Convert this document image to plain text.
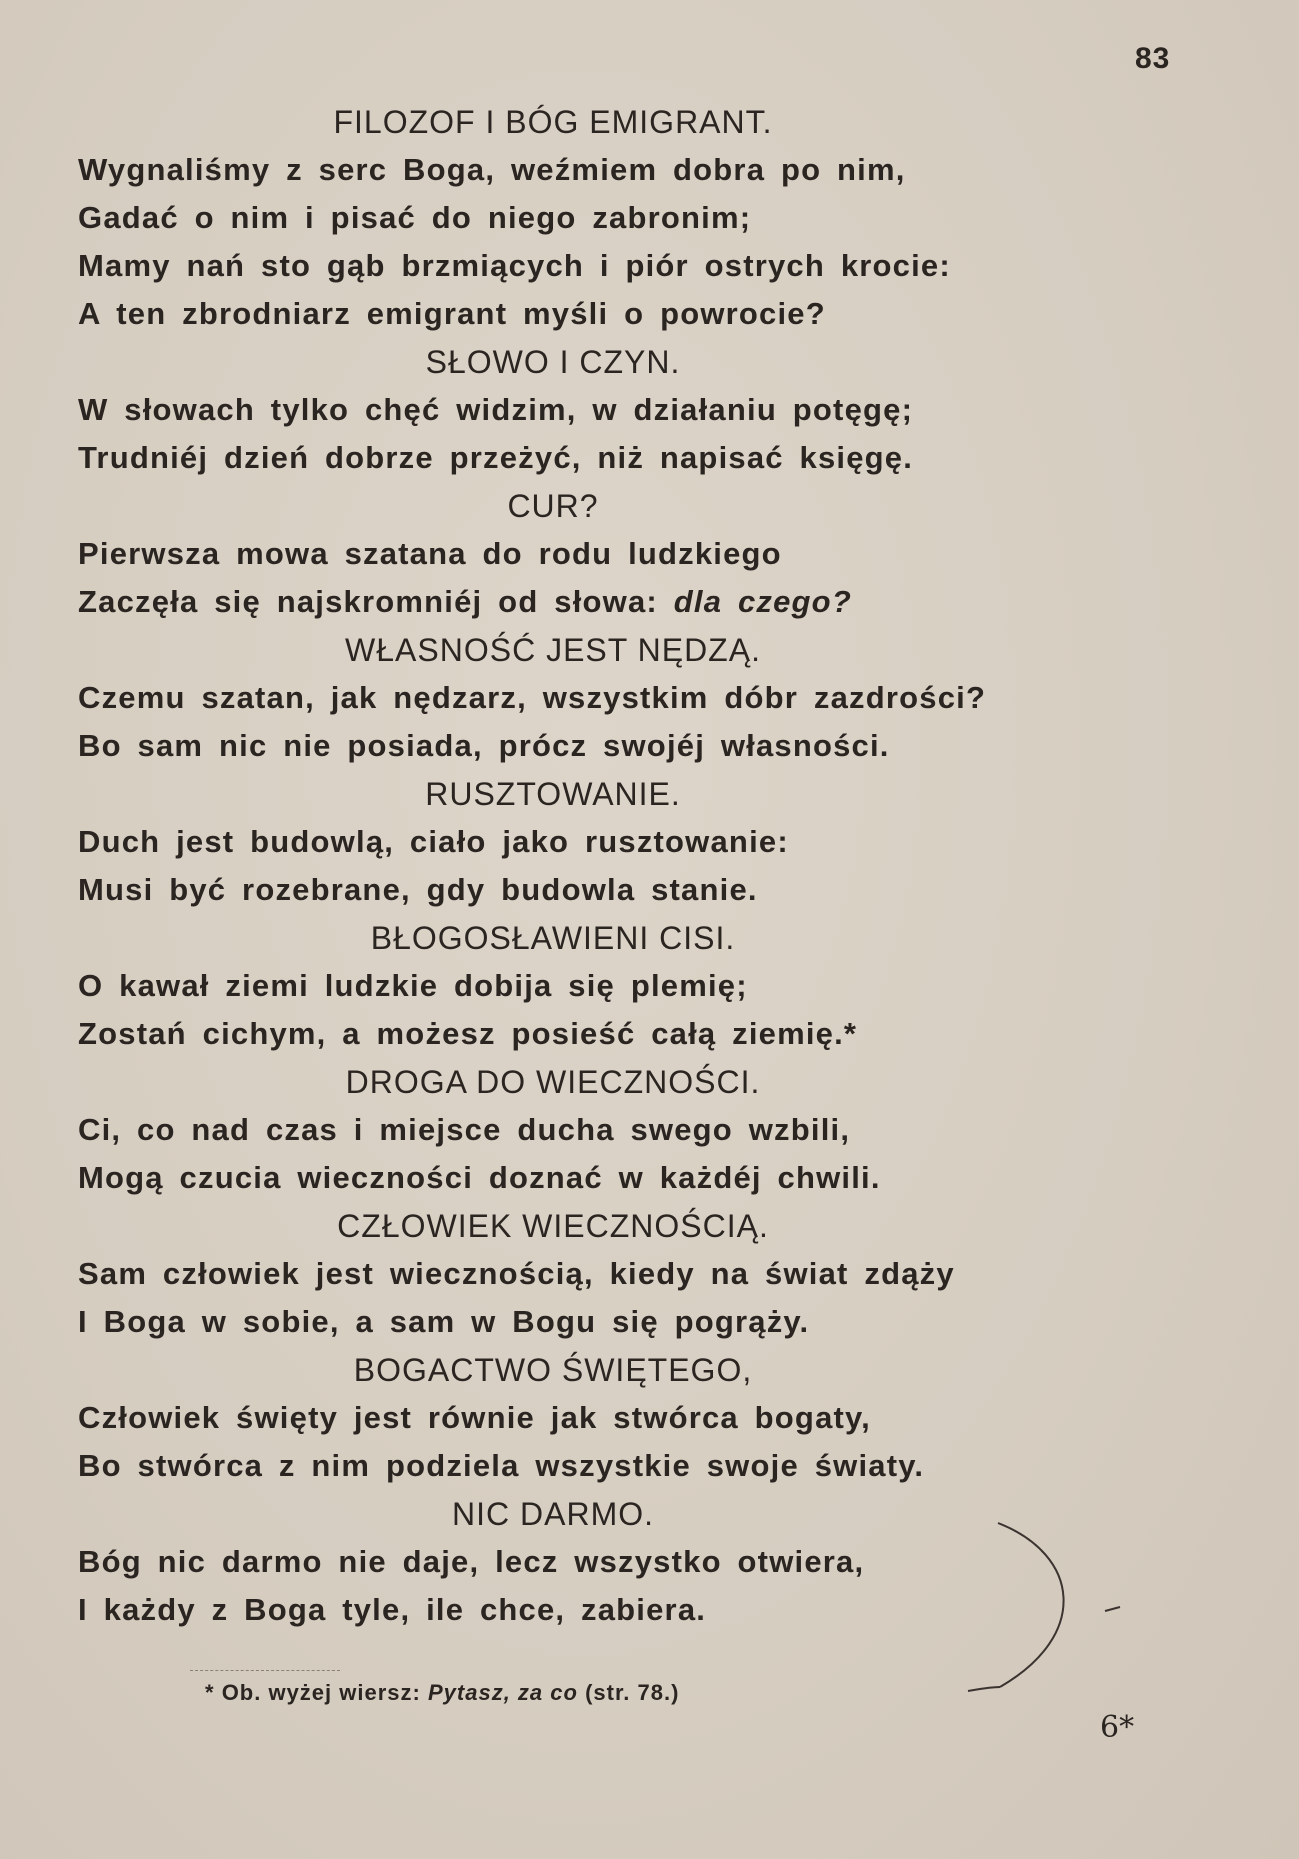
83
FILOZOF I BÓG EMIGRANT.
Wygnaliśmy z serc Boga, weźmiem dobra po nim,
Gadać o nim i pisać do niego zabronim;
Mamy nań sto gąb brzmiących i piór ostrych krocie:
A ten zbrodniarz emigrant myśli o powrocie?
SŁOWO I CZYN.
W słowach tylko chęć widzim, w działaniu potęgę;
Trudniéj dzień dobrze przeżyć, niż napisać księgę.
CUR?
Pierwsza mowa szatana do rodu ludzkiego
Zaczęła się najskromniéj od słowa: dla czego?
WŁASNOŚĆ JEST NĘDZĄ.
Czemu szatan, jak nędzarz, wszystkim dóbr zazdrości?
Bo sam nic nie posiada, prócz swojéj własności.
RUSZTOWANIE.
Duch jest budowlą, ciało jako rusztowanie:
Musi być rozebrane, gdy budowla stanie.
BŁOGOSŁAWIENI CISI.
O kawał ziemi ludzkie dobija się plemię;
Zostań cichym, a możesz posieść całą ziemię.*
DROGA DO WIECZNOŚCI.
Ci, co nad czas i miejsce ducha swego wzbili,
Mogą czucia wieczności doznać w każdéj chwili.
CZŁOWIEK WIECZNOŚCIĄ.
Sam człowiek jest wiecznością, kiedy na świat zdąży
I Boga w sobie, a sam w Bogu się pogrąży.
BOGACTWO ŚWIĘTEGO,
Człowiek święty jest równie jak stwórca bogaty,
Bo stwórca z nim podziela wszystkie swoje światy.
NIC DARMO.
Bóg nic darmo nie daje, lecz wszystko otwiera,
I każdy z Boga tyle, ile chce, zabiera.
* Ob. wyżej wiersz: Pytasz, za co (str. 78.)
6*
